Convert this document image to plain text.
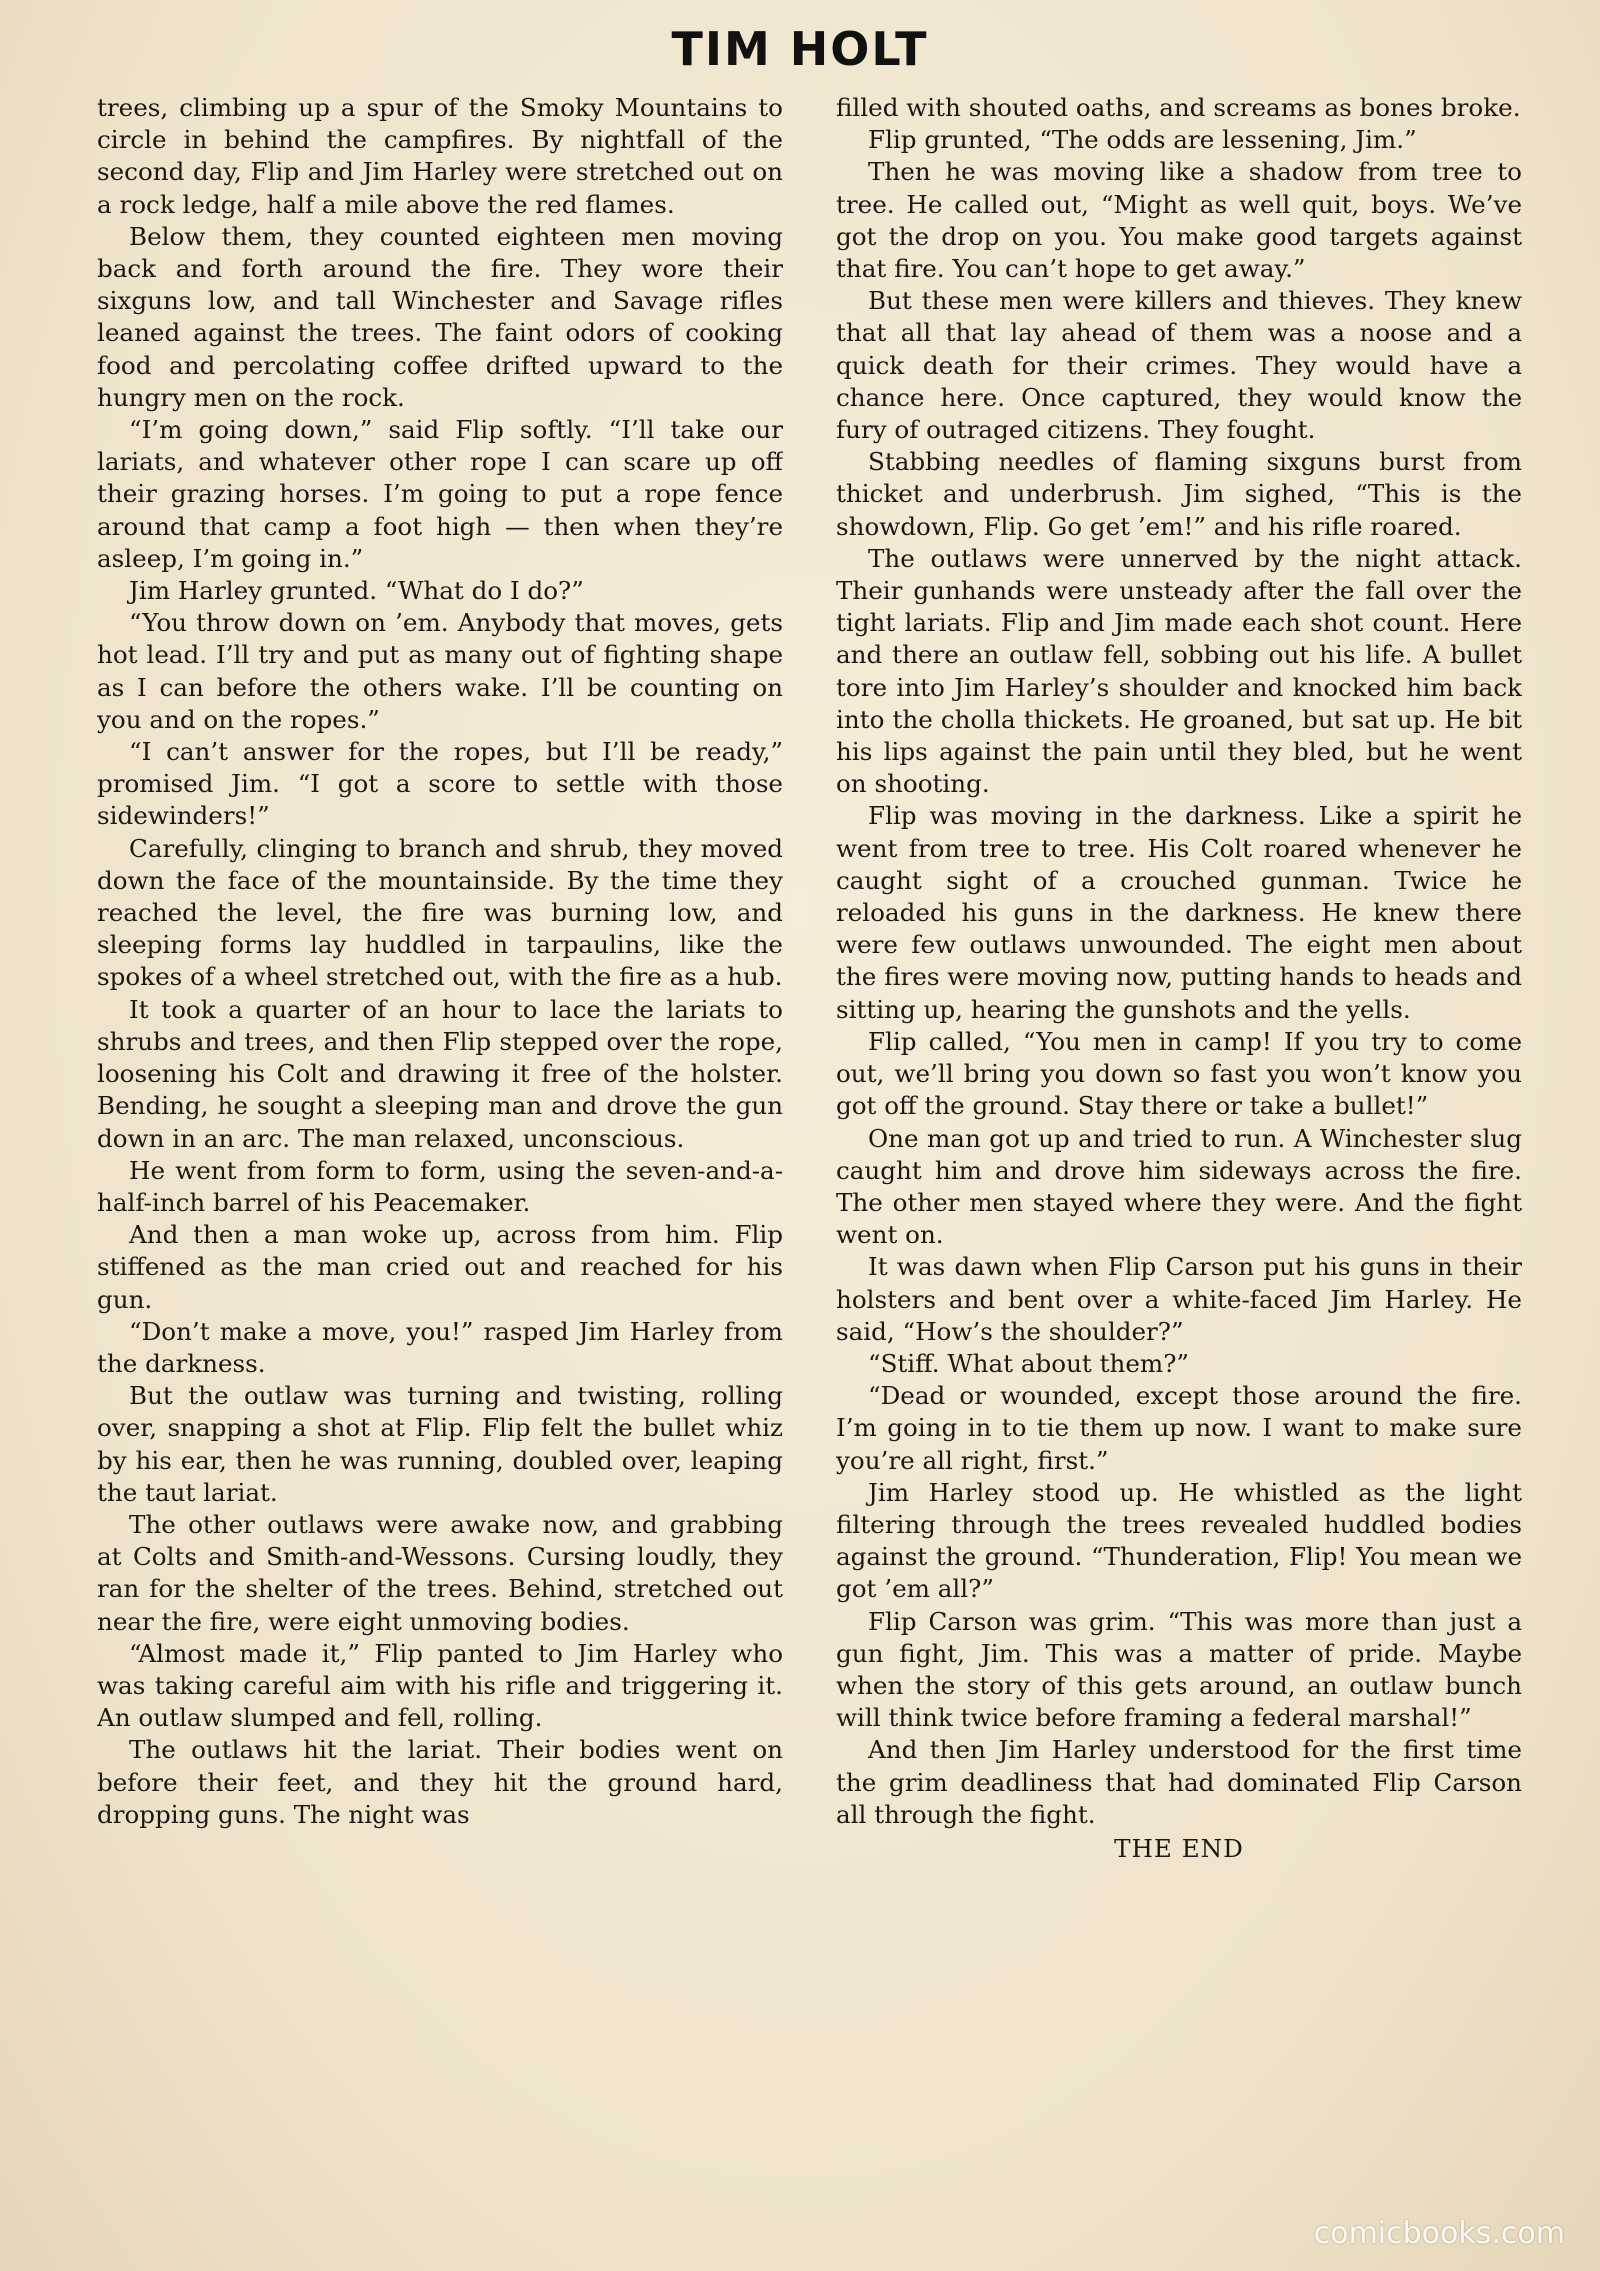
TIM HOLT

trees, climbing up a spur of the Smoky Mountains to circle in behind the campfires. By nightfall of the second day, Flip and Jim Harley were stretched out on a rock ledge, half a mile above the red flames.

Below them, they counted eighteen men moving back and forth around the fire. They wore their sixguns low, and tall Winchester and Savage rifles leaned against the trees. The faint odors of cooking food and percolating coffee drifted upward to the hungry men on the rock.

“I’m going down,” said Flip softly. “I’ll take our lariats, and whatever other rope I can scare up off their grazing horses. I’m going to put a rope fence around that camp a foot high — then when they’re asleep, I’m going in.”

Jim Harley grunted. “What do I do?”

“You throw down on ’em. Anybody that moves, gets hot lead. I’ll try and put as many out of fighting shape as I can before the others wake. I’ll be counting on you and on the ropes.”

“I can’t answer for the ropes, but I’ll be ready,” promised Jim. “I got a score to settle with those sidewinders!”

Carefully, clinging to branch and shrub, they moved down the face of the mountainside. By the time they reached the level, the fire was burning low, and sleeping forms lay huddled in tarpaulins, like the spokes of a wheel stretched out, with the fire as a hub.

It took a quarter of an hour to lace the lariats to shrubs and trees, and then Flip stepped over the rope, loosening his Colt and drawing it free of the holster. Bending, he sought a sleeping man and drove the gun down in an arc. The man relaxed, unconscious.

He went from form to form, using the seven-and-a-half-inch barrel of his Peacemaker.

And then a man woke up, across from him. Flip stiffened as the man cried out and reached for his gun.

“Don’t make a move, you!” rasped Jim Harley from the darkness.

But the outlaw was turning and twisting, rolling over, snapping a shot at Flip. Flip felt the bullet whiz by his ear, then he was running, doubled over, leaping the taut lariat.

The other outlaws were awake now, and grabbing at Colts and Smith-and-Wessons. Cursing loudly, they ran for the shelter of the trees. Behind, stretched out near the fire, were eight unmoving bodies.

“Almost made it,” Flip panted to Jim Harley who was taking careful aim with his rifle and triggering it. An outlaw slumped and fell, rolling.

The outlaws hit the lariat. Their bodies went on before their feet, and they hit the ground hard, dropping guns. The night was

filled with shouted oaths, and screams as bones broke.

Flip grunted, “The odds are lessening, Jim.”

Then he was moving like a shadow from tree to tree. He called out, “Might as well quit, boys. We’ve got the drop on you. You make good targets against that fire. You can’t hope to get away.”

But these men were killers and thieves. They knew that all that lay ahead of them was a noose and a quick death for their crimes. They would have a chance here. Once captured, they would know the fury of outraged citizens. They fought.

Stabbing needles of flaming sixguns burst from thicket and underbrush. Jim sighed, “This is the showdown, Flip. Go get ’em!” and his rifle roared.

The outlaws were unnerved by the night attack. Their gunhands were unsteady after the fall over the tight lariats. Flip and Jim made each shot count. Here and there an outlaw fell, sobbing out his life. A bullet tore into Jim Harley’s shoulder and knocked him back into the cholla thickets. He groaned, but sat up. He bit his lips against the pain until they bled, but he went on shooting.

Flip was moving in the darkness. Like a spirit he went from tree to tree. His Colt roared whenever he caught sight of a crouched gunman. Twice he reloaded his guns in the darkness. He knew there were few outlaws unwounded. The eight men about the fires were moving now, putting hands to heads and sitting up, hearing the gunshots and the yells.

Flip called, “You men in camp! If you try to come out, we’ll bring you down so fast you won’t know you got off the ground. Stay there or take a bullet!”

One man got up and tried to run. A Winchester slug caught him and drove him sideways across the fire. The other men stayed where they were. And the fight went on.

It was dawn when Flip Carson put his guns in their holsters and bent over a white-faced Jim Harley. He said, “How’s the shoulder?”

“Stiff. What about them?”

“Dead or wounded, except those around the fire. I’m going in to tie them up now. I want to make sure you’re all right, first.”

Jim Harley stood up. He whistled as the light filtering through the trees revealed huddled bodies against the ground. “Thunderation, Flip! You mean we got ’em all?”

Flip Carson was grim. “This was more than just a gun fight, Jim. This was a matter of pride. Maybe when the story of this gets around, an outlaw bunch will think twice before framing a federal marshal!”

And then Jim Harley understood for the first time the grim deadliness that had dominated Flip Carson all through the fight.

THE END

comicbooks.com
